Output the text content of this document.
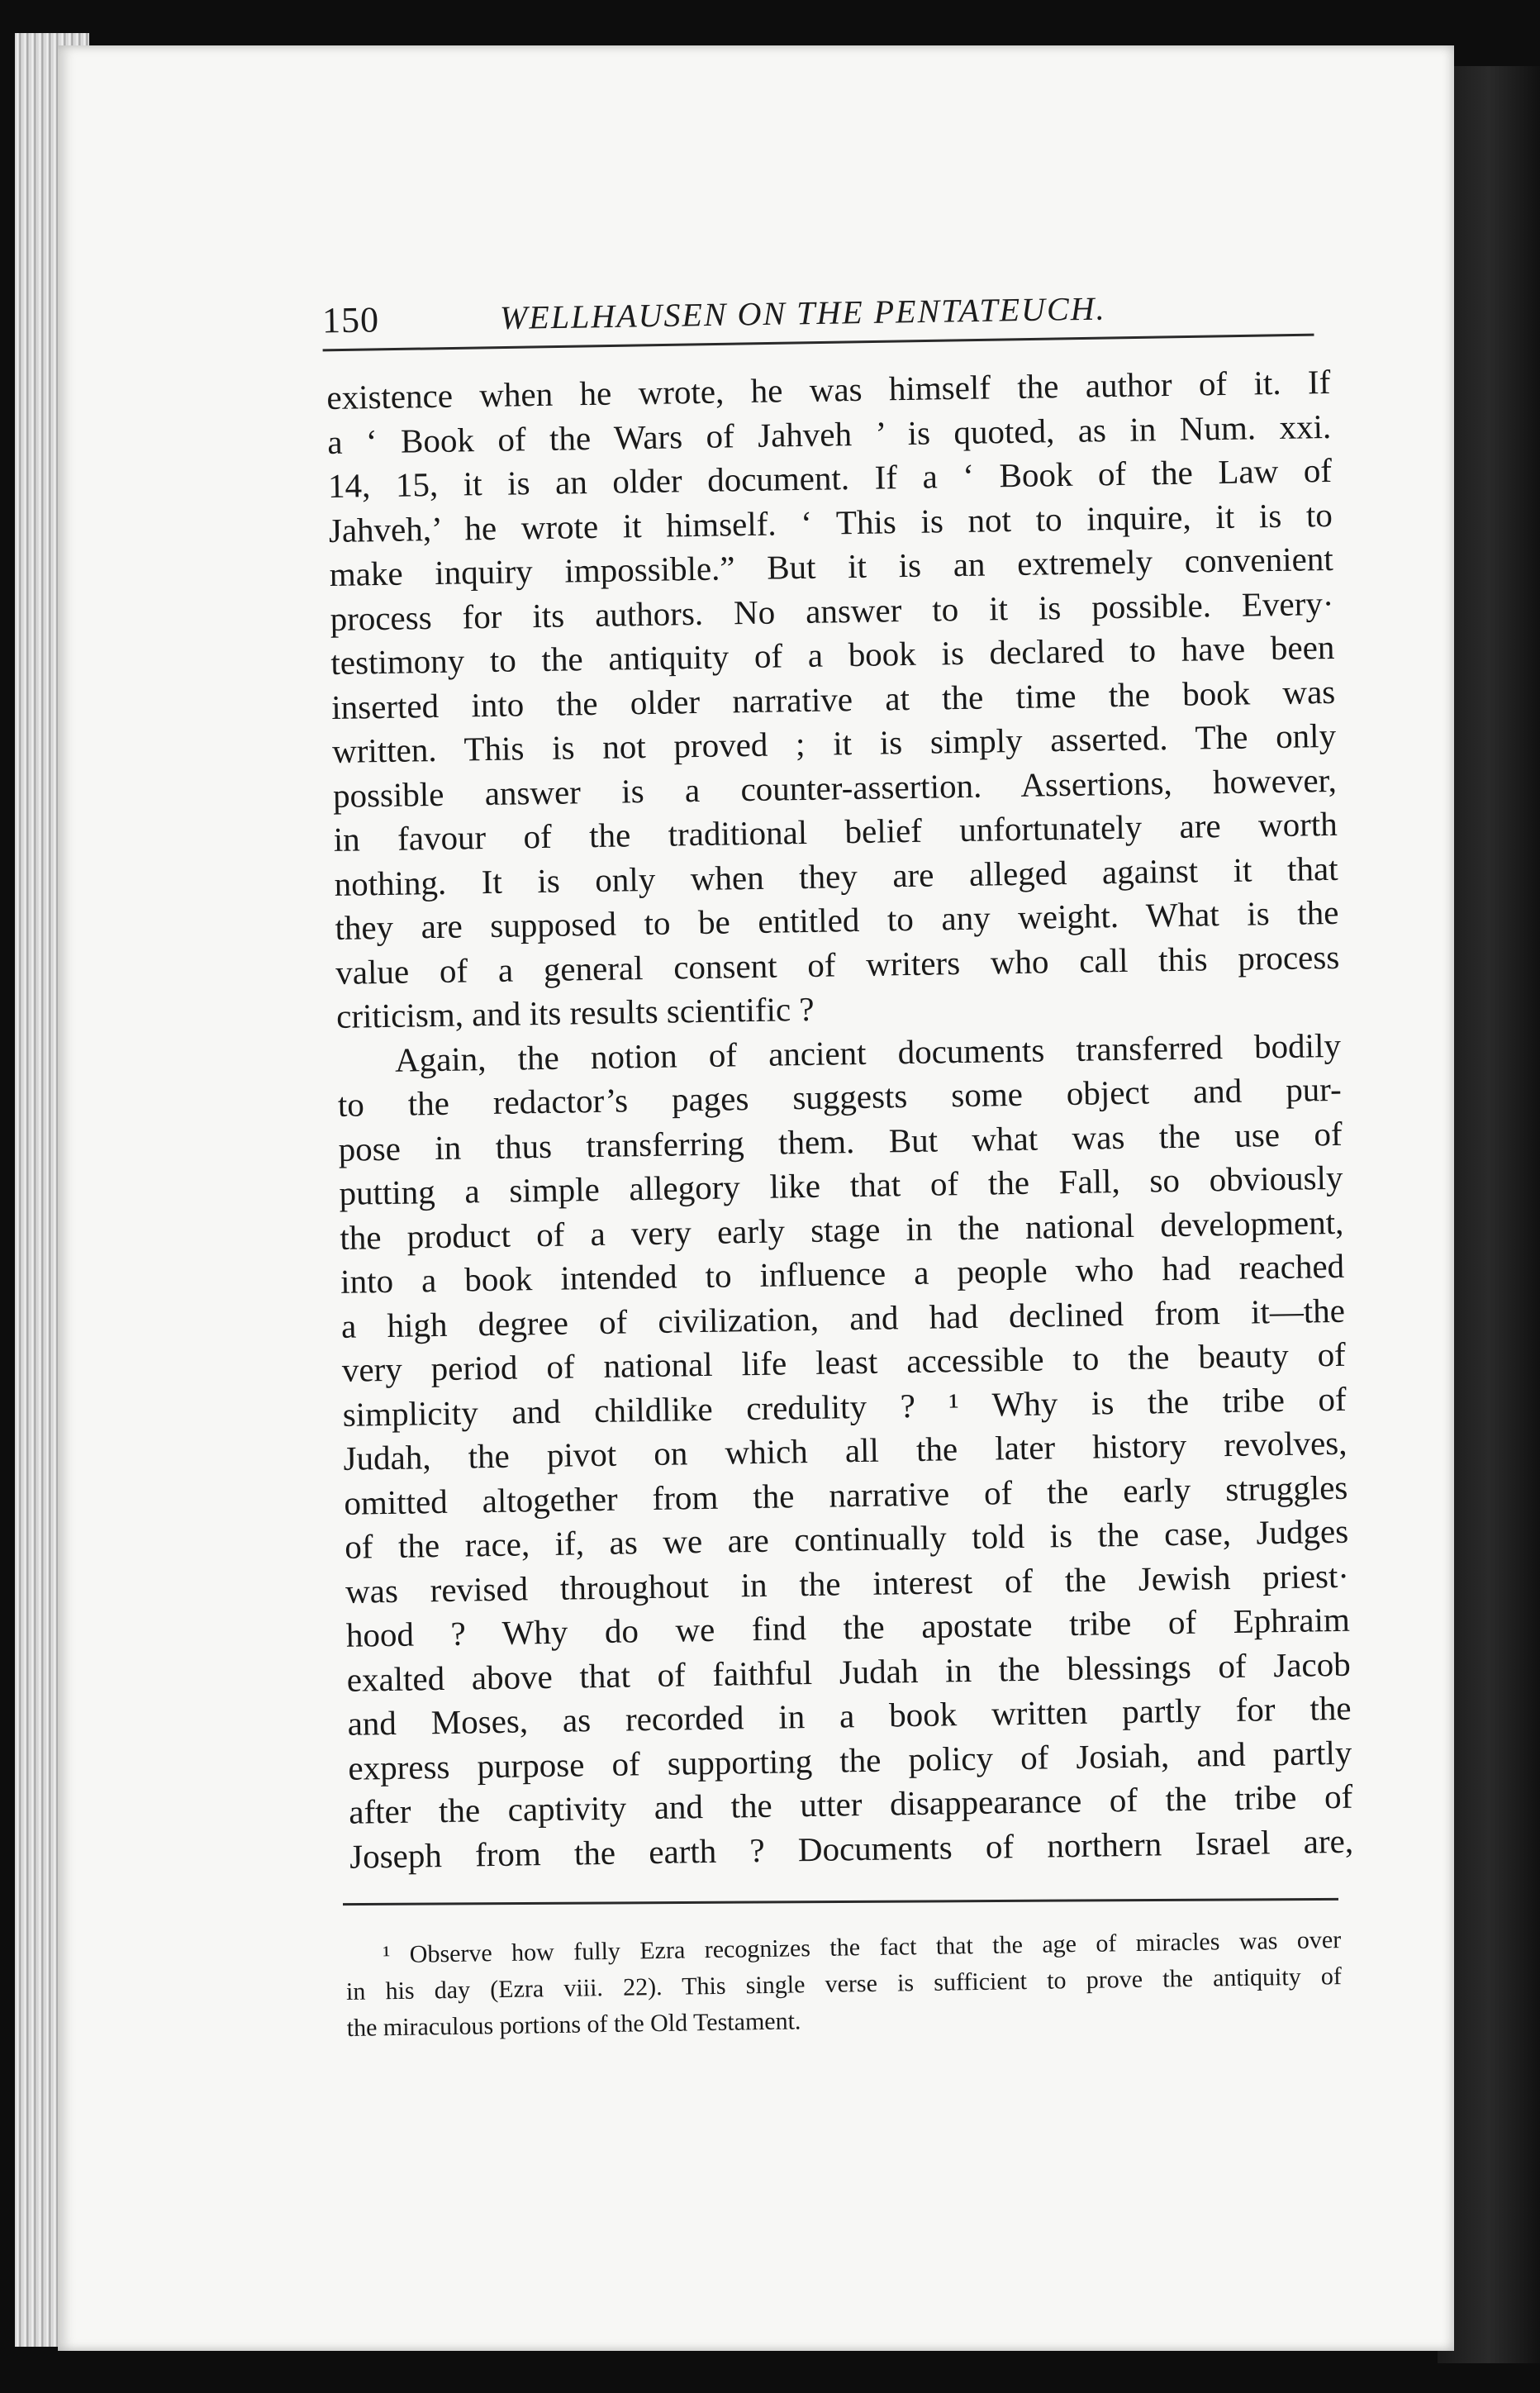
150	WELLHAUSEN ON THE PENTATEUCH.
existence when he wrote, he was himself the author of it. If
a ‘ Book of the Wars of Jahveh ’ is quoted, as in Num. xxi.
14, 15, it is an older document. If a ‘ Book of the Law of
Jahveh,’ he wrote it himself. ‘ This is not to inquire, it is to
make inquiry impossible.” But it is an extremely convenient
process for its authors. No answer to it is possible. Every·
testimony to the antiquity of a book is declared to have been
inserted into the older narrative at the time the book was
written. This is not proved ; it is simply asserted. The only
possible answer is a counter-assertion. Assertions, however,
in favour of the traditional belief unfortunately are worth
nothing. It is only when they are alleged against it that
they are supposed to be entitled to any weight. What is the
value of a general consent of writers who call this process
criticism, and its results scientific ?
Again, the notion of ancient documents transferred bodily
to the redactor’s pages suggests some object and pur-
pose in thus transferring them. But what was the use of
putting a simple allegory like that of the Fall, so obviously
the product of a very early stage in the national development,
into a book intended to influence a people who had reached
a high degree of civilization, and had declined from it—the
very period of national life least accessible to the beauty of
simplicity and childlike credulity ? ¹ Why is the tribe of
Judah, the pivot on which all the later history revolves,
omitted altogether from the narrative of the early struggles
of the race, if, as we are continually told is the case, Judges
was revised throughout in the interest of the Jewish priest·
hood ? Why do we find the apostate tribe of Ephraim
exalted above that of faithful Judah in the blessings of Jacob
and Moses, as recorded in a book written partly for the
express purpose of supporting the policy of Josiah, and partly
after the captivity and the utter disappearance of the tribe of
Joseph from the earth ? Documents of northern Israel are,
¹ Observe how fully Ezra recognizes the fact that the age of miracles was over
in his day (Ezra viii. 22). This single verse is sufficient to prove the antiquity of
the miraculous portions of the Old Testament.
